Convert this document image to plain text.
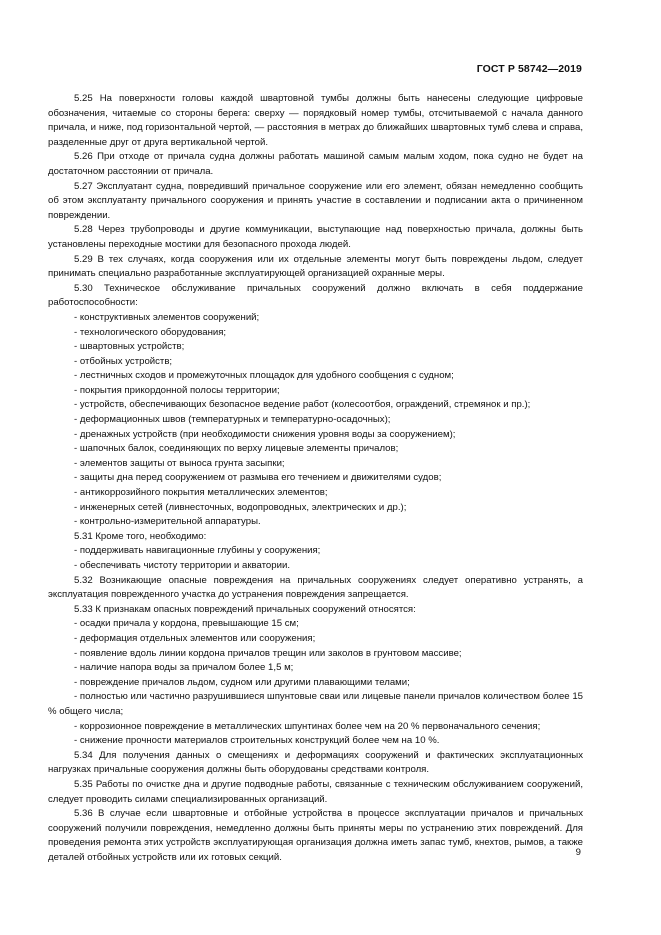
ГОСТ Р 58742—2019

5.25 На поверхности головы каждой швартовной тумбы должны быть нанесены следующие цифровые обозначения, читаемые со стороны берега: сверху — порядковый номер тумбы, отсчитываемой с начала данного причала, и ниже, под горизонтальной чертой, — расстояния в метрах до ближайших швартовных тумб слева и справа, разделенные друг от друга вертикальной чертой.

5.26 При отходе от причала судна должны работать машиной самым малым ходом, пока судно не будет на достаточном расстоянии от причала.

5.27 Эксплуатант судна, повредивший причальное сооружение или его элемент, обязан немедленно сообщить об этом эксплуатанту причального сооружения и принять участие в составлении и подписании акта о причиненном повреждении.

5.28 Через трубопроводы и другие коммуникации, выступающие над поверхностью причала, должны быть установлены переходные мостики для безопасного прохода людей.

5.29 В тех случаях, когда сооружения или их отдельные элементы могут быть повреждены льдом, следует принимать специально разработанные эксплуатирующей организацией охранные меры.

5.30 Техническое обслуживание причальных сооружений должно включать в себя поддержание работоспособности:

- конструктивных элементов сооружений;

- технологического оборудования;

- швартовных устройств;

- отбойных устройств;

- лестничных сходов и промежуточных площадок для удобного сообщения с судном;

- покрытия прикордонной полосы территории;

- устройств, обеспечивающих безопасное ведение работ (колесоотбоя, ограждений, стремянок и пр.);

- деформационных швов (температурных и температурно-осадочных);

- дренажных устройств (при необходимости снижения уровня воды за сооружением);

- шапочных балок, соединяющих по верху лицевые элементы причалов;

- элементов защиты от выноса грунта засыпки;

- защиты дна перед сооружением от размыва его течением и движителями судов;

- антикоррозийного покрытия металлических элементов;

- инженерных сетей (ливнесточных, водопроводных, электрических и др.);

- контрольно-измерительной аппаратуры.

5.31 Кроме того, необходимо:

- поддерживать навигационные глубины у сооружения;

- обеспечивать чистоту территории и акватории.

5.32 Возникающие опасные повреждения на причальных сооружениях следует оперативно устранять, а эксплуатация поврежденного участка до устранения повреждения запрещается.

5.33 К признакам опасных повреждений причальных сооружений относятся:

- осадки причала у кордона, превышающие 15 см;

- деформация отдельных элементов или сооружения;

- появление вдоль линии кордона причалов трещин или заколов в грунтовом массиве;

- наличие напора воды за причалом более 1,5 м;

- повреждение причалов льдом, судном или другими плавающими телами;

- полностью или частично разрушившиеся шпунтовые сваи или лицевые панели причалов количеством более 15 % общего числа;

- коррозионное повреждение в металлических шпунтинах более чем на 20 % первоначального сечения;

- снижение прочности материалов строительных конструкций более чем на 10 %.

5.34 Для получения данных о смещениях и деформациях сооружений и фактических эксплуатационных нагрузках причальные сооружения должны быть оборудованы средствами контроля.

5.35 Работы по очистке дна и другие подводные работы, связанные с техническим обслуживанием сооружений, следует проводить силами специализированных организаций.

5.36 В случае если швартовные и отбойные устройства в процессе эксплуатации причалов и причальных сооружений получили повреждения, немедленно должны быть приняты меры по устранению этих повреждений. Для проведения ремонта этих устройств эксплуатирующая организация должна иметь запас тумб, кнехтов, рымов, а также деталей отбойных устройств или их готовых секций.	9
